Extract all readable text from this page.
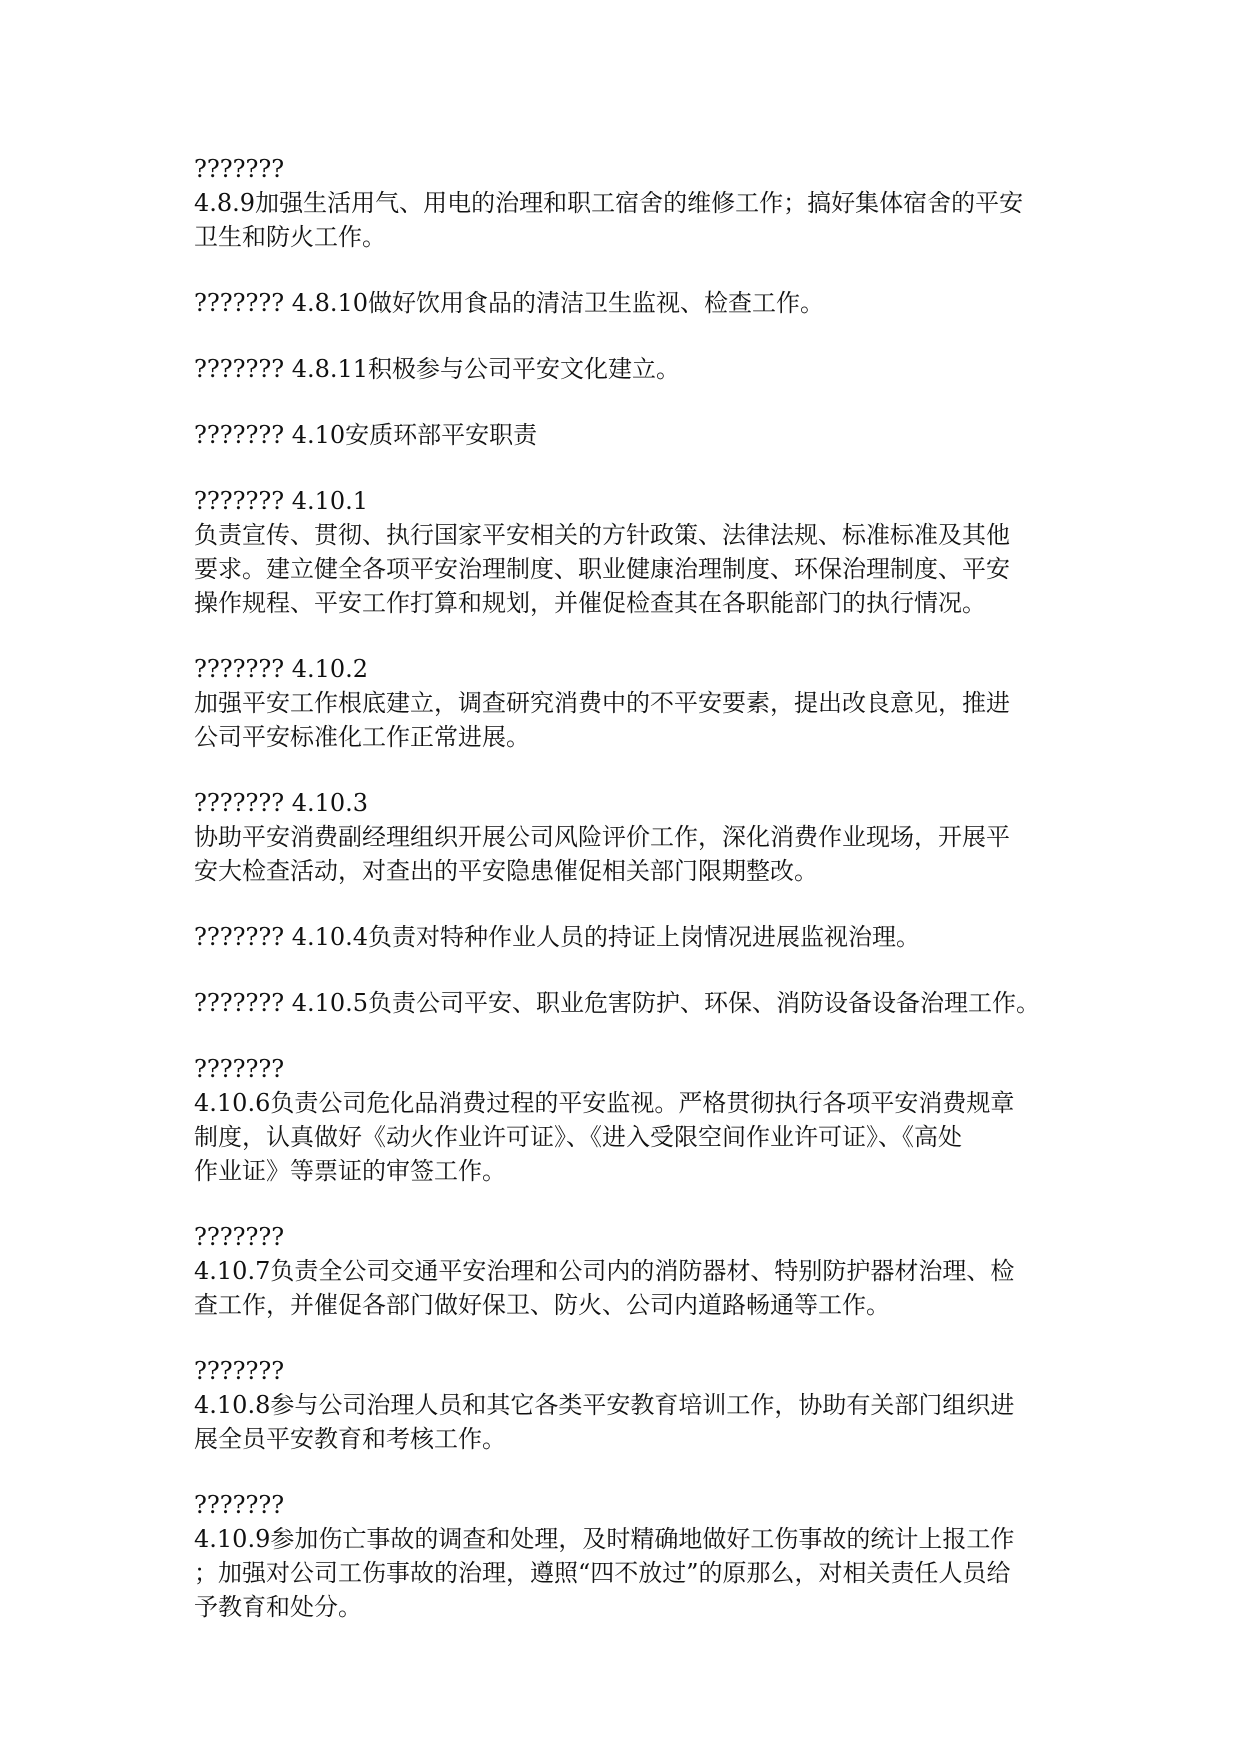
???????
4.8.9加强生活用气、用电的治理和职工宿舍的维修工作；搞好集体宿舍的平安
卫生和防火工作。

??????? 4.8.10做好饮用食品的清洁卫生监视、检查工作。

??????? 4.8.11积极参与公司平安文化建立。

??????? 4.10安质环部平安职责

??????? 4.10.1
负责宣传、贯彻、执行国家平安相关的方针政策、法律法规、标准标准及其他
要求。建立健全各项平安治理制度、职业健康治理制度、环保治理制度、平安
操作规程、平安工作打算和规划，并催促检查其在各职能部门的执行情况。

??????? 4.10.2
加强平安工作根底建立，调查研究消费中的不平安要素，提出改良意见，推进
公司平安标准化工作正常进展。

??????? 4.10.3
协助平安消费副经理组织开展公司风险评价工作，深化消费作业现场，开展平
安大检查活动，对查出的平安隐患催促相关部门限期整改。

??????? 4.10.4负责对特种作业人员的持证上岗情况进展监视治理。

??????? 4.10.5负责公司平安、职业危害防护、环保、消防设备设备治理工作。

???????
4.10.6负责公司危化品消费过程的平安监视。严格贯彻执行各项平安消费规章
制度，认真做好《动火作业许可证》、《进入受限空间作业许可证》、《高处
作业证》等票证的审签工作。

???????
4.10.7负责全公司交通平安治理和公司内的消防器材、特别防护器材治理、检
查工作，并催促各部门做好保卫、防火、公司内道路畅通等工作。

???????
4.10.8参与公司治理人员和其它各类平安教育培训工作，协助有关部门组织进
展全员平安教育和考核工作。

???????
4.10.9参加伤亡事故的调查和处理，及时精确地做好工伤事故的统计上报工作
；加强对公司工伤事故的治理，遵照“四不放过”的原那么，对相关责任人员给
予教育和处分。
